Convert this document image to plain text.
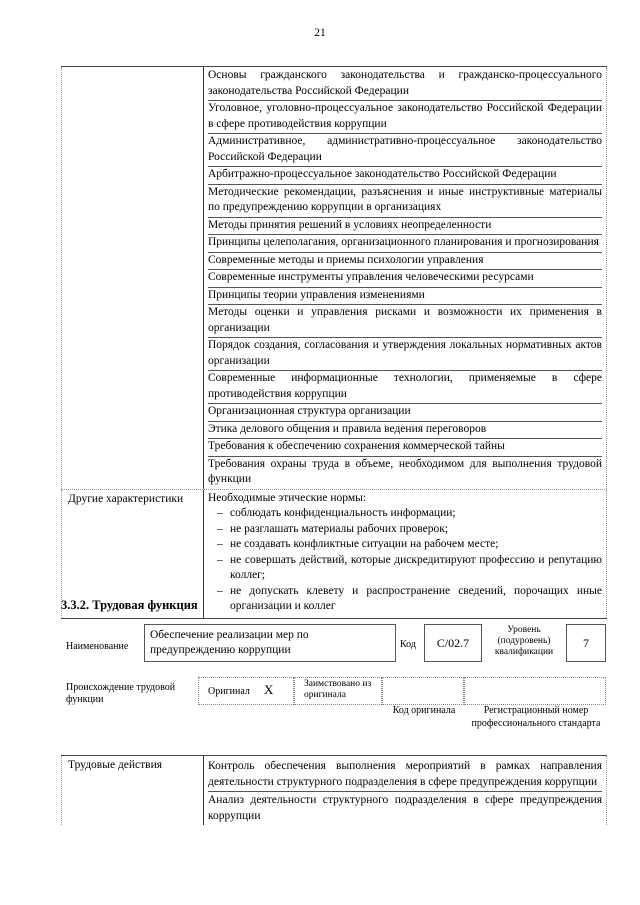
21
Основы гражданского законодательства и гражданско-процессуального законодательства Российской Федерации
Уголовное, уголовно-процессуальное законодательство Российской Федерации в сфере противодействия коррупции
Административное, административно-процессуальное законодательство Российской Федерации
Арбитражно-процессуальное законодательство Российской Федерации
Методические рекомендации, разъяснения и иные инструктивные материалы по предупреждению коррупции в организациях
Методы принятия решений в условиях неопределенности
Принципы целеполагания, организационного планирования и прогнозирования
Современные методы и приемы психологии управления
Современные инструменты управления человеческими ресурсами
Принципы теории управления изменениями
Методы оценки и управления рисками и возможности их применения в организации
Порядок создания, согласования и утверждения локальных нормативных актов организации
Современные информационные технологии, применяемые в сфере противодействия коррупции
Организационная структура организации
Этика делового общения и правила ведения переговоров
Требования к обеспечению сохранения коммерческой тайны
Требования охраны труда в объеме, необходимом для выполнения трудовой функции
Другие характеристики	Необходимые этические нормы:
– соблюдать конфиденциальность информации;
– не разглашать материалы рабочих проверок;
– не создавать конфликтные ситуации на рабочем месте;
– не совершать действий, которые дискредитируют профессию и репутацию коллег;
– не допускать клевету и распространение сведений, порочащих иные организации и коллег
3.3.2. Трудовая функция
Наименование
Обеспечение реализации мер по предупреждению коррупции	Код C/02.7
Уровень (подуровень) квалификации
7
Происхождение трудовой функции
Оригинал X	Заимствовано из оригинала
Код оригинала	Регистрационный номер профессионального стандарта
Трудовые действия	Контроль обеспечения выполнения мероприятий в рамках направления деятельности структурного подразделения в сфере предупреждения коррупции
Анализ деятельности структурного подразделения в сфере предупреждения коррупции
